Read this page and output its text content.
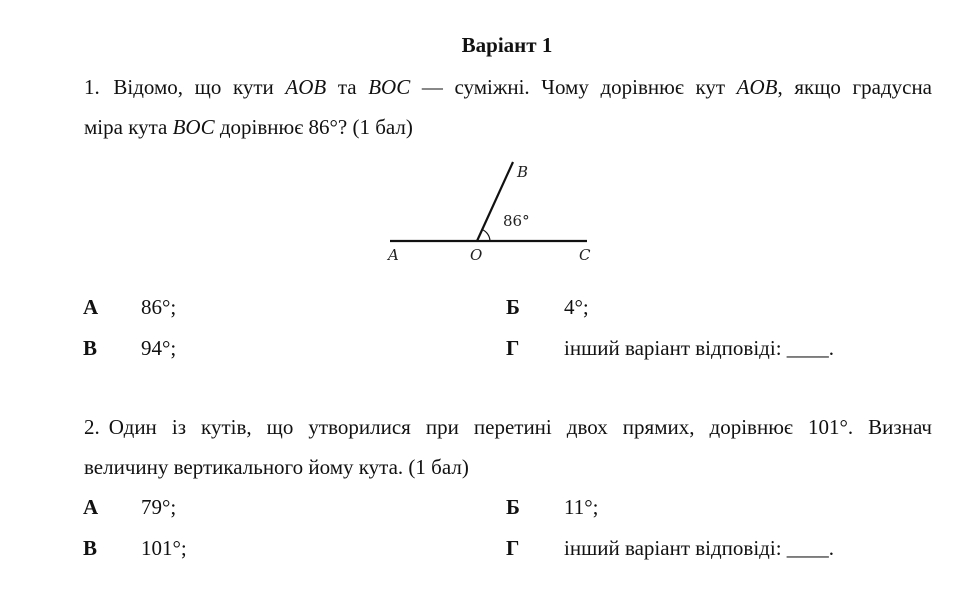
Варіант 1
1. Відомо, що кути AOB та BOC — суміжні. Чому дорівнює кут AOB, якщо градусна
міра кута BOC дорівнює 86°? (1 бал)
A	O	C
B
86°
А 86°;	Б 4°;
В 94°;	Г інший варіант відповіді: ____.
2. Один із кутів, що утворилися при перетині двох прямих, дорівнює 101°. Визнач
величину вертикального йому кута. (1 бал)
А 79°;	Б 11°;
В 101°;	Г інший варіант відповіді: ____.
